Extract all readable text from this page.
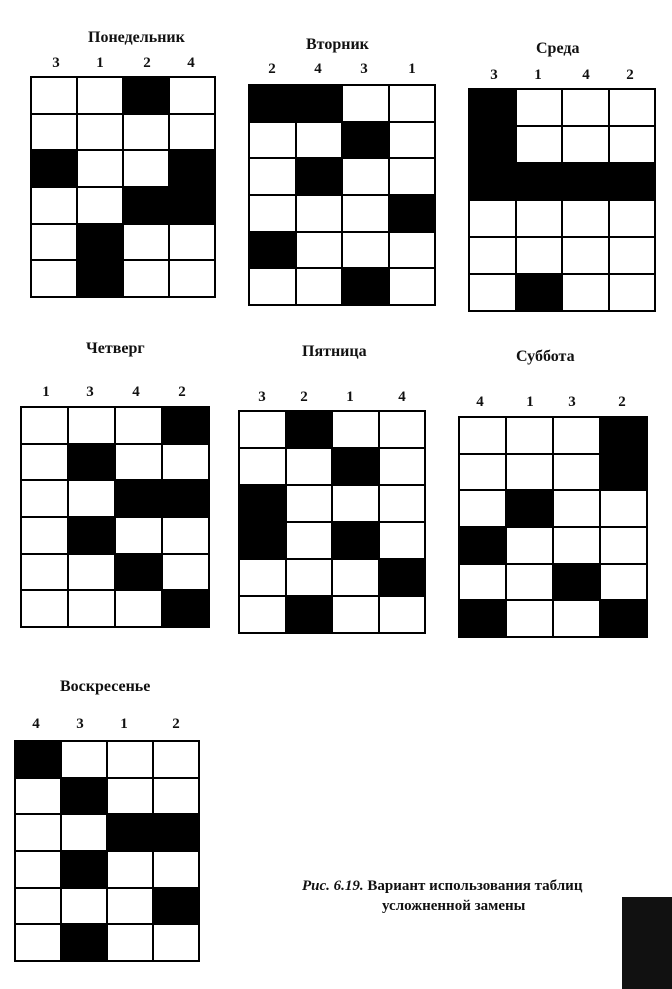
Понедельник
3	1	2	4
Вторник
2	4	3	1
Среда
3	1	4	2
Четверг
1	3	4	2
Пятница
3	2	1	4
Суббота
4	1	3	2
Воскресенье
4	3	1	2
Рис. 6.19. Вариант использования таблиц
усложненной замены
